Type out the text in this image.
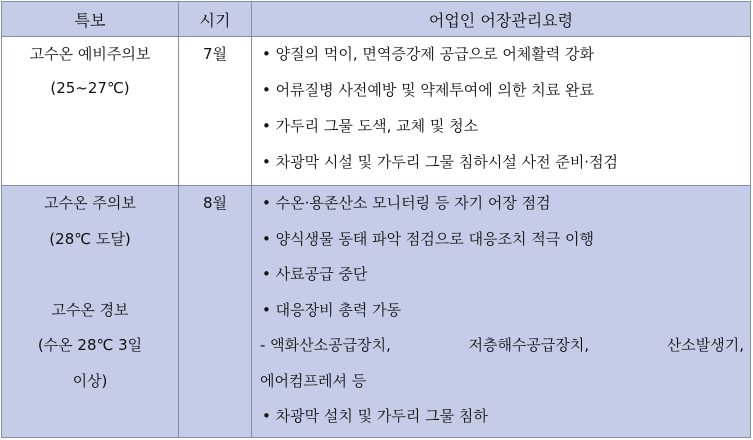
특보	시기	어업인 어장관리요령
고수온 예비주의보
(25~27℃)
7월	• 양질의 먹이, 면역증강제 공급으로 어체활력 강화
• 어류질병 사전예방 및 약제투여에 의한 치료 완료
• 가두리 그물 도색, 교체 및 청소
• 차광막 시설 및 가두리 그물 침하시설 사전 준비·점검
고수온 주의보
(28℃ 도달)
고수온 경보
(수온 28℃ 3일
이상)
8월	• 수온·용존산소 모니터링 등 자기 어장 점검
• 양식생물 동태 파악 점검으로 대응조치 적극 이행
• 사료공급 중단
• 대응장비 총력 가동
- 액화산소공급장치,	저층해수공급장치,	산소발생기,
에어컴프레셔 등
• 차광막 설치 및 가두리 그물 침하
